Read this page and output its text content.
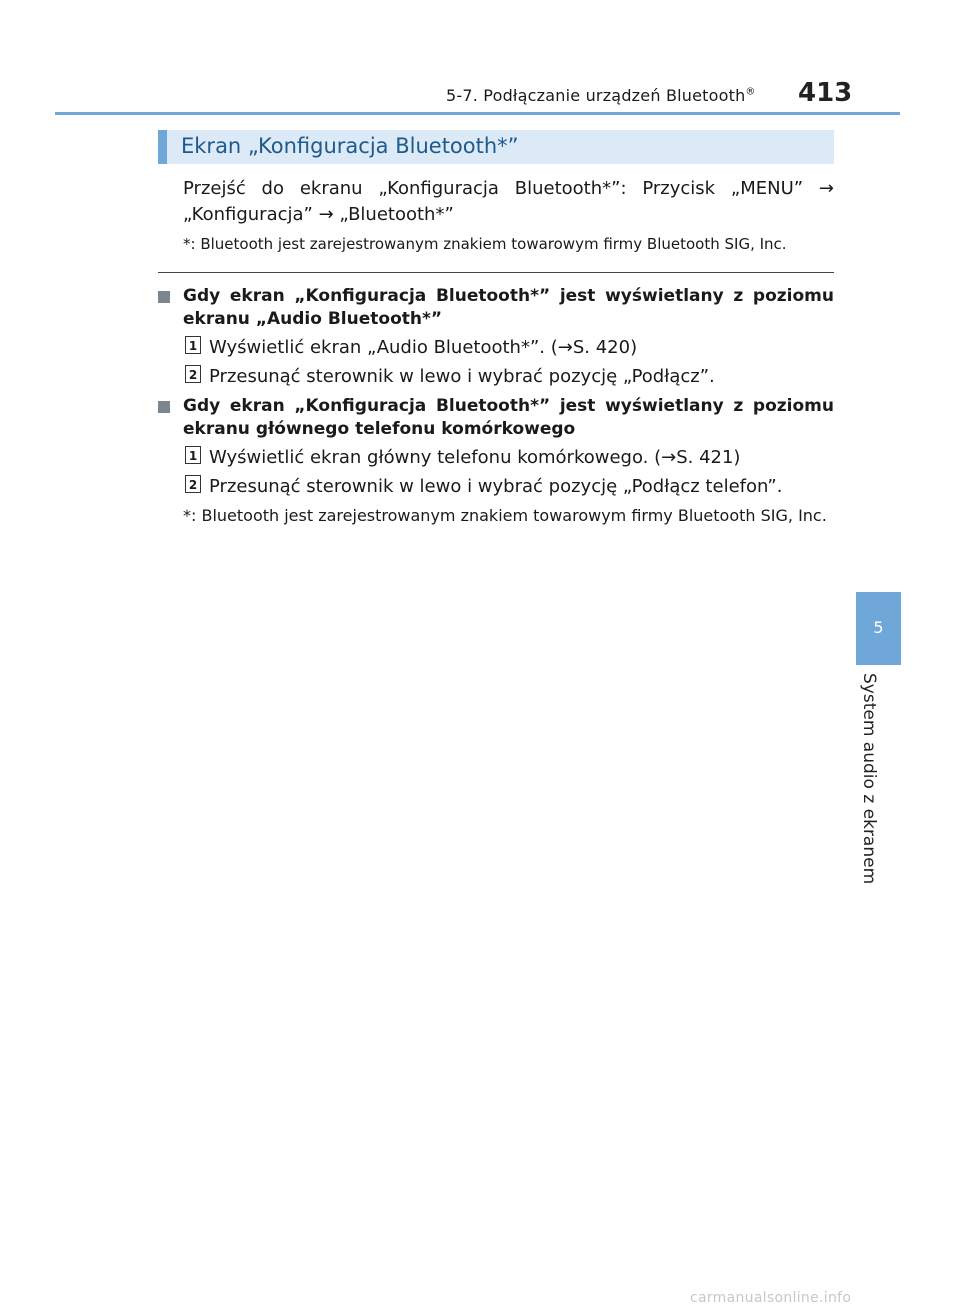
5-7. Podłączanie urządzeń Bluetooth® 413
Ekran „Konfiguracja Bluetooth*”
Przejść do ekranu „Konfiguracja Bluetooth*”: Przycisk „MENU” →
„Konfiguracja” → „Bluetooth*”
*: Bluetooth jest zarejestrowanym znakiem towarowym firmy Bluetooth SIG, Inc.
Gdy ekran „Konfiguracja Bluetooth*” jest wyświetlany z poziomu ekranu „Audio Bluetooth*”
1 Wyświetlić ekran „Audio Bluetooth*”. (→S. 420)
2 Przesunąć sterownik w lewo i wybrać pozycję „Podłącz”.
Gdy ekran „Konfiguracja Bluetooth*” jest wyświetlany z poziomu ekranu głównego telefonu komórkowego
1 Wyświetlić ekran główny telefonu komórkowego. (→S. 421)
2 Przesunąć sterownik w lewo i wybrać pozycję „Podłącz telefon”.
*: Bluetooth jest zarejestrowanym znakiem towarowym firmy Bluetooth SIG, Inc.
5
System audio z ekranem
carmanualsonline.info
